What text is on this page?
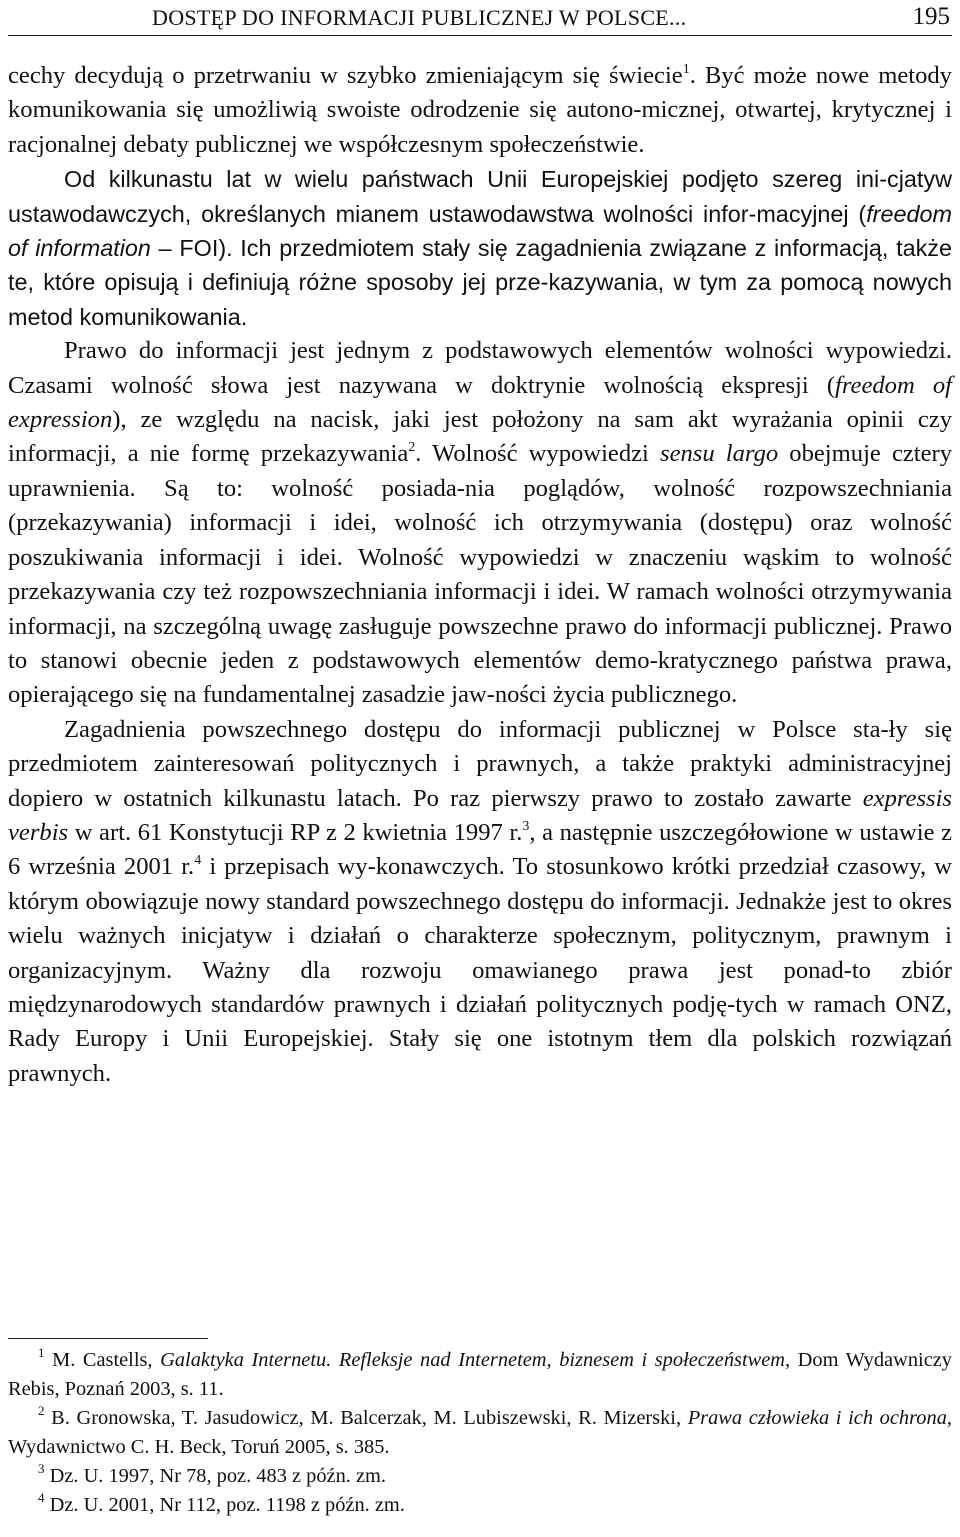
DOSTĘP DO INFORMACJI PUBLICZNEJ W POLSCE...	195

cechy decydują o przetrwaniu w szybko zmieniającym się świecie$^1$. Być może nowe metody komunikowania się umożliwią swoiste odrodzenie się autono-micznej, otwartej, krytycznej i racjonalnej debaty publicznej we współczesnym społeczeństwie.

Od kilkunastu lat w wielu państwach Unii Europejskiej podjęto szereg ini-cjatyw ustawodawczych, określanych mianem ustawodawstwa wolności infor-macyjnej (freedom of information – FOI). Ich przedmiotem stały się zagadnienia związane z informacją, także te, które opisują i definiują różne sposoby jej prze-kazywania, w tym za pomocą nowych metod komunikowania.

Prawo do informacji jest jednym z podstawowych elementów wolności wypowiedzi. Czasami wolność słowa jest nazywana w doktrynie wolnością ekspresji (freedom of expression), ze względu na nacisk, jaki jest położony na sam akt wyrażania opinii czy informacji, a nie formę przekazywania$^2$. Wolność wypowiedzi sensu largo obejmuje cztery uprawnienia. Są to: wolność posiada-nia poglądów, wolność rozpowszechniania (przekazywania) informacji i idei, wolność ich otrzymywania (dostępu) oraz wolność poszukiwania informacji i idei. Wolność wypowiedzi w znaczeniu wąskim to wolność przekazywania czy też rozpowszechniania informacji i idei. W ramach wolności otrzymywania informacji, na szczególną uwagę zasługuje powszechne prawo do informacji publicznej. Prawo to stanowi obecnie jeden z podstawowych elementów demo-kratycznego państwa prawa, opierającego się na fundamentalnej zasadzie jaw-ności życia publicznego.

Zagadnienia powszechnego dostępu do informacji publicznej w Polsce sta-ły się przedmiotem zainteresowań politycznych i prawnych, a także praktyki administracyjnej dopiero w ostatnich kilkunastu latach. Po raz pierwszy prawo to zostało zawarte expressis verbis w art. 61 Konstytucji RP z 2 kwietnia 1997 r.$^3$, a następnie uszczegółowione w ustawie z 6 września 2001 r.$^4$ i przepisach wy-konawczych. To stosunkowo krótki przedział czasowy, w którym obowiązuje nowy standard powszechnego dostępu do informacji. Jednakże jest to okres wielu ważnych inicjatyw i działań o charakterze społecznym, politycznym, prawnym i organizacyjnym. Ważny dla rozwoju omawianego prawa jest ponad-to zbiór międzynarodowych standardów prawnych i działań politycznych podję-tych w ramach ONZ, Rady Europy i Unii Europejskiej. Stały się one istotnym tłem dla polskich rozwiązań prawnych.

$^1$ M. Castells, Galaktyka Internetu. Refleksje nad Internetem, biznesem i społeczeństwem, Dom Wydawniczy Rebis, Poznań 2003, s. 11.

$^2$ B. Gronowska, T. Jasudowicz, M. Balcerzak, M. Lubiszewski, R. Mizerski, Prawa człowieka i ich ochrona, Wydawnictwo C. H. Beck, Toruń 2005, s. 385.

$^3$ Dz. U. 1997, Nr 78, poz. 483 z późn. zm.

$^4$ Dz. U. 2001, Nr 112, poz. 1198 z późn. zm.
